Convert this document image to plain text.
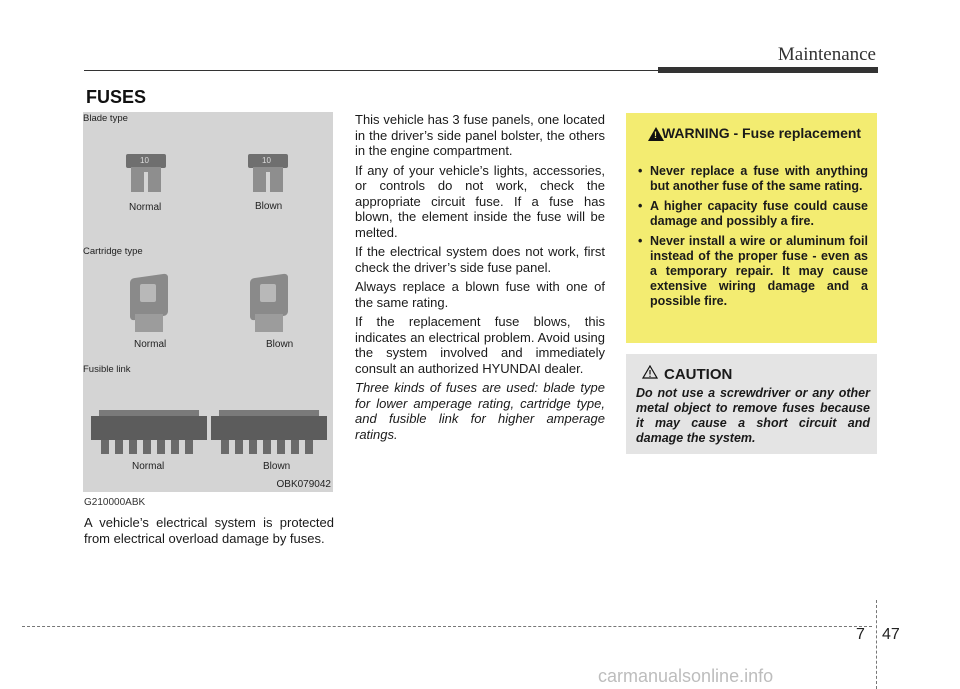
Maintenance
FUSES
Blade type
10	10
Normal	Blown
Cartridge type
Normal	Blown
Fusible link
Normal	Blown
OBK079042
G210000ABK

A vehicle’s electrical system is protected from electrical overload damage by fuses.

This vehicle has 3 fuse panels, one located in the driver’s side panel bolster, the others in the engine compartment.

If any of your vehicle’s lights, accessories, or controls do not work, check the appropriate circuit fuse. If a fuse has blown, the element inside the fuse will be melted.

If the electrical system does not work, first check the driver’s side fuse panel.

Always replace a blown fuse with one of the same rating.

If the replacement fuse blows, this indicates an electrical problem. Avoid using the system involved and immediately consult an authorized HYUNDAI dealer.

Three kinds of fuses are used: blade type for lower amperage rating, cartridge type, and fusible link for higher amperage ratings.

! WARNING - Fuse replacement
• Never replace a fuse with anything but another fuse of the same rating.
• A higher capacity fuse could cause damage and possibly a fire.
• Never install a wire or aluminum foil instead of the proper fuse - even as a temporary repair. It may cause extensive wiring damage and a possible fire.
CAUTION
Do not use a screwdriver or any other metal object to remove fuses because it may cause a short circuit and damage the system.
7 47
carmanualsonline.info
